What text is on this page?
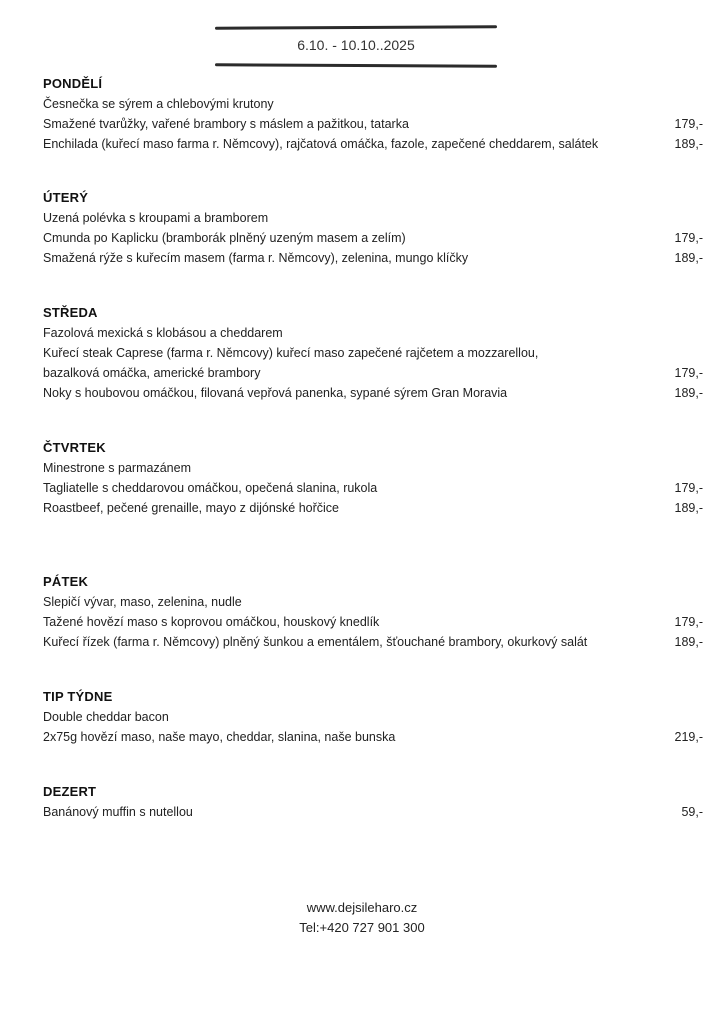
6.10. - 10.10..2025
PONDĚLÍ
Česnečka se sýrem a chlebovými krutony
Smažené tvarůžky, vařené brambory s máslem a pažitkou, tatarka	179,-
Enchilada (kuřecí maso farma r. Němcovy), rajčatová omáčka, fazole, zapečené cheddarem, salátek	189,-
ÚTERÝ
Uzená polévka s kroupami a bramborem
Cmunda po Kaplicku (bramborák plněný uzeným masem a zelím)	179,-
Smažená rýže s kuřecím masem (farma r. Němcovy), zelenina, mungo klíčky	189,-
STŘEDA
Fazolová mexická s klobásou a cheddarem
Kuřecí steak Caprese (farma r. Němcovy) kuřecí maso zapečené rajčetem a mozzarellou, bazalková omáčka, americké brambory	179,-
Noky s houbovou omáčkou, filovaná vepřová panenka, sypané sýrem Gran Moravia	189,-
ČTVRTEK
Minestrone s parmazánem
Tagliatelle s cheddarovou omáčkou, opečená slanina, rukola	179,-
Roastbeef, pečené grenaille, mayo z dijónské hořčice	189,-
PÁTEK
Slepičí vývar, maso, zelenina, nudle
Tažené hovězí maso s koprovou omáčkou, houskový knedlík	179,-
Kuřecí řízek (farma r. Němcovy) plněný šunkou a ementálem, šťouchané brambory, okurkový salát	189,-
TIP TÝDNE
Double cheddar bacon
2x75g hovězí maso, naše mayo, cheddar, slanina, naše bunska	219,-
DEZERT
Banánový muffin s nutellou	59,-
www.dejsileharo.cz
Tel:+420 727 901 300
